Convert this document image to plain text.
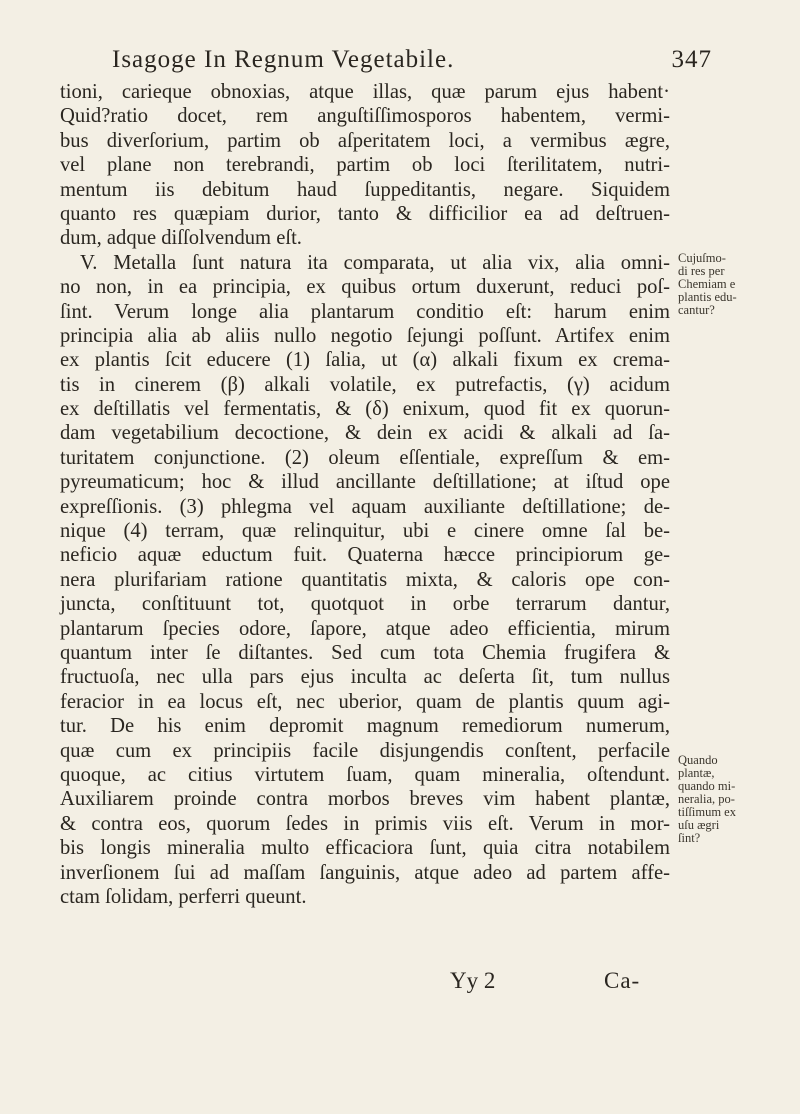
Isagoge In Regnum Vegetabile.	347
tioni, carieque obnoxias, atque illas, quæ parum ejus habent·
Quid?ratio docet, rem anguſtiſſimosporos habentem, vermi-
bus diverſorium, partim ob aſperitatem loci, a vermibus ægre,
vel plane non terebrandi, partim ob loci ſterilitatem, nutri-
mentum iis debitum haud ſuppeditantis, negare. Siquidem
quanto res quæpiam durior, tanto & difficilior ea ad deſtruen-
dum, adque diſſolvendum eſt.
V. Metalla ſunt natura ita comparata, ut alia vix, alia omni-
no non, in ea principia, ex quibus ortum duxerunt, reduci poſ-
ſint. Verum longe alia plantarum conditio eſt: harum enim
principia alia ab aliis nullo negotio ſejungi poſſunt. Artifex enim
ex plantis ſcit educere (1) ſalia, ut (α) alkali fixum ex crema-
tis in cinerem (β) alkali volatile, ex putrefactis, (γ) acidum
ex deſtillatis vel fermentatis, & (δ) enixum, quod fit ex quorun-
dam vegetabilium decoctione, & dein ex acidi & alkali ad ſa-
turitatem conjunctione. (2) oleum eſſentiale, expreſſum & em-
pyreumaticum; hoc & illud ancillante deſtillatione; at iſtud ope
expreſſionis. (3) phlegma vel aquam auxiliante deſtillatione; de-
nique (4) terram, quæ relinquitur, ubi e cinere omne ſal be-
neficio aquæ eductum fuit. Quaterna hæcce principiorum ge-
nera plurifariam ratione quantitatis mixta, & caloris ope con-
juncta, conſtituunt tot, quotquot in orbe terrarum dantur,
plantarum ſpecies odore, ſapore, atque adeo efficientia, mirum
quantum inter ſe diſtantes. Sed cum tota Chemia frugifera &
fructuoſa, nec ulla pars ejus inculta ac deſerta ſit, tum nullus
feracior in ea locus eſt, nec uberior, quam de plantis quum agi-
tur. De his enim depromit magnum remediorum numerum,
quæ cum ex principiis facile disjungendis conſtent, perfacile
quoque, ac citius virtutem ſuam, quam mineralia, oſtendunt.
Auxiliarem proinde contra morbos breves vim habent plantæ,
& contra eos, quorum ſedes in primis viis eſt. Verum in mor-
bis longis mineralia multo efficaciora ſunt, quia citra notabilem
inverſionem ſui ad maſſam ſanguinis, atque adeo ad partem affe-
ctam ſolidam, perferri queunt.
Cujuſmo-
di res per
Chemiam e
plantis edu-
cantur?
Quando
plantæ,
quando mi-
neralia, po-
tiſſimum ex
uſu ægri
ſint?
Yy 2	Ca-
